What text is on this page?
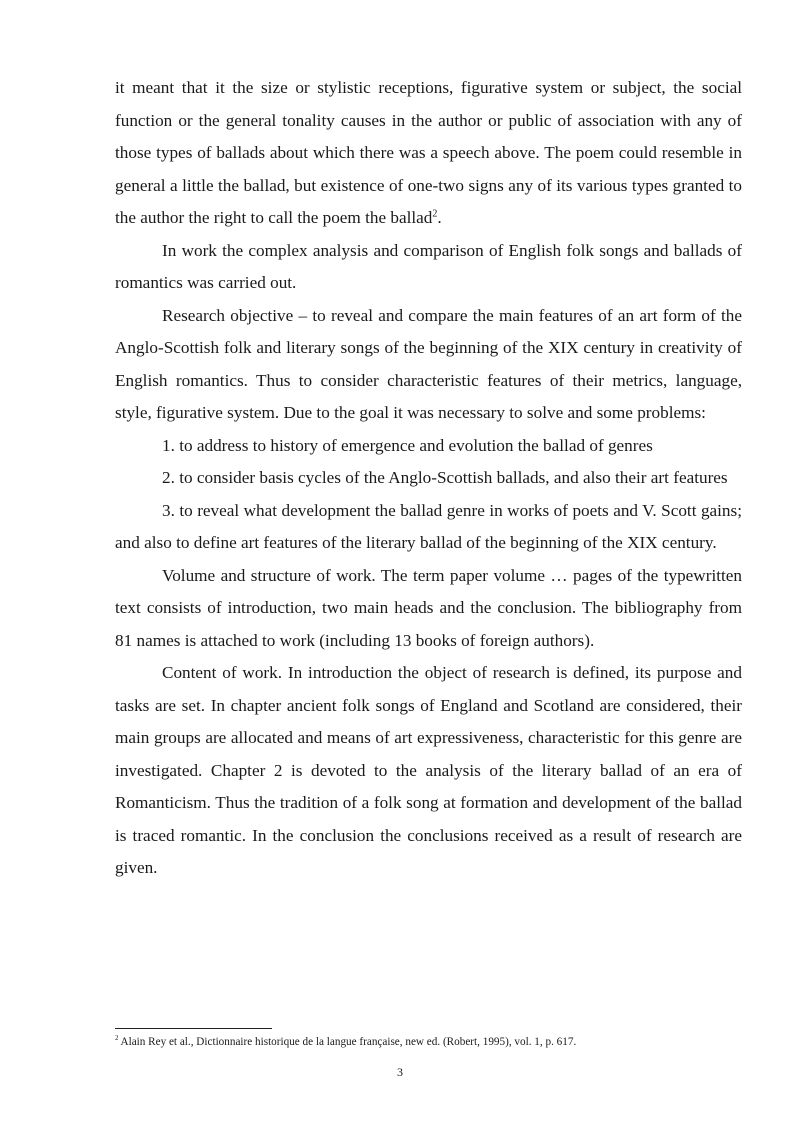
it meant that it the size or stylistic receptions, figurative system or subject, the social function or the general tonality causes in the author or public of association with any of those types of ballads about which there was a speech above. The poem could resemble in general a little the ballad, but existence of one-two signs any of its various types granted to the author the right to call the poem the ballad$^2$.

In work the complex analysis and comparison of English folk songs and ballads of romantics was carried out.

Research objective – to reveal and compare the main features of an art form of the Anglo-Scottish folk and literary songs of the beginning of the XIX century in creativity of English romantics. Thus to consider characteristic features of their metrics, language, style, figurative system. Due to the goal it was necessary to solve and some problems:

1. to address to history of emergence and evolution the ballad of genres

2. to consider basis cycles of the Anglo-Scottish ballads, and also their art features

3. to reveal what development the ballad genre in works of poets and V. Scott gains; and also to define art features of the literary ballad of the beginning of the XIX century.

Volume and structure of work. The term paper volume … pages of the typewritten text consists of introduction, two main heads and the conclusion. The bibliography from 81 names is attached to work (including 13 books of foreign authors).

Content of work. In introduction the object of research is defined, its purpose and tasks are set. In chapter ancient folk songs of England and Scotland are considered, their main groups are allocated and means of art expressiveness, characteristic for this genre are investigated. Chapter 2 is devoted to the analysis of the literary ballad of an era of Romanticism. Thus the tradition of a folk song at formation and development of the ballad is traced romantic. In the conclusion the conclusions received as a result of research are given.

$^2$ Alain Rey et al., Dictionnaire historique de la langue française, new ed. (Robert, 1995), vol. 1, p. 617.
3
